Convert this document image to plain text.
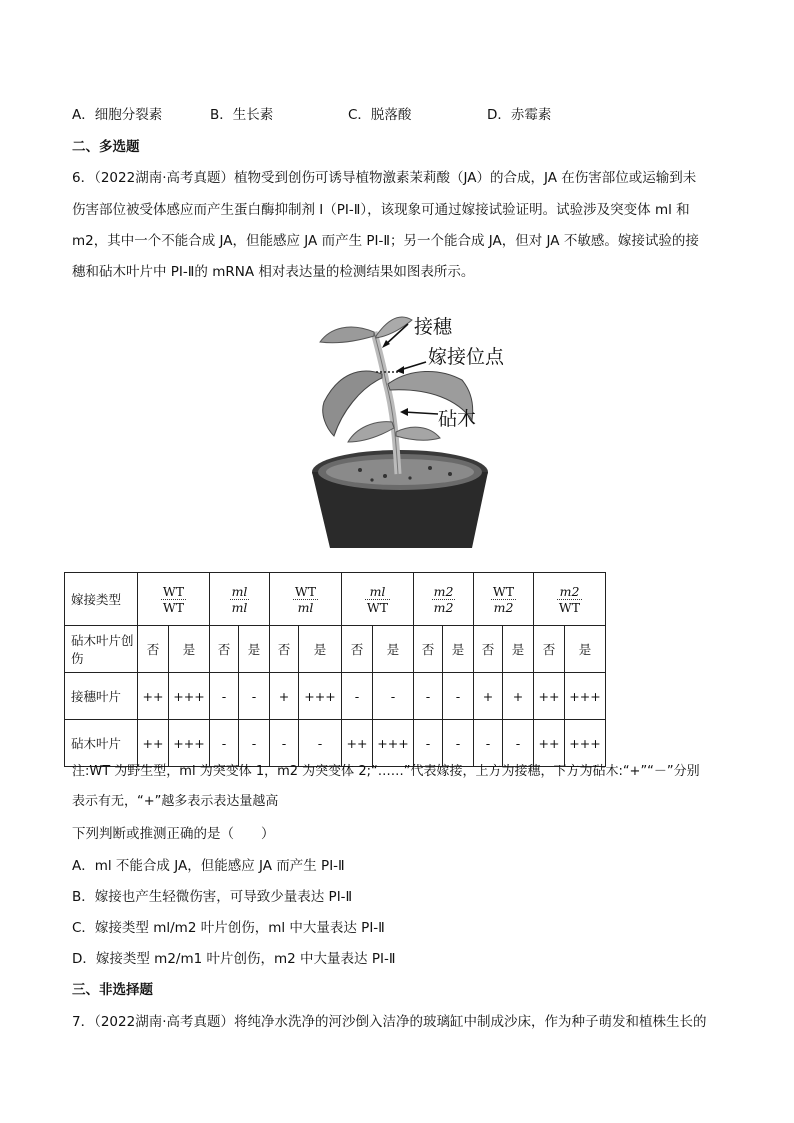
A．细胞分裂素	B．生长素	C．脱落酸	D．赤霉素
二、多选题
6．（2022湖南·高考真题）植物受到创伤可诱导植物激素茉莉酸（JA）的合成，JA 在伤害部位或运输到未
伤害部位被受体感应而产生蛋白酶抑制剂 I（PI-Ⅱ），该现象可通过嫁接试验证明。试验涉及突变体 ml 和
m2，其中一个不能合成 JA，但能感应 JA 而产生 PI-Ⅱ；另一个能合成 JA，但对 JA 不敏感。嫁接试验的接
穗和砧木叶片中 PI-Ⅱ的 mRNA 相对表达量的检测结果如图表所示。
接穗
嫁接位点
砧木
嫁接类型	$\frac{WT}{WT}$		$\frac{ml}{ml}$		$\frac{WT}{ml}$		$\frac{ml}{WT}$		$\frac{m2}{m2}$		$\frac{WT}{m2}$		$\frac{m2}{WT}$

砧木叶片创伤	否	是	否	是	否	是	否	是	否	是	否	是	否	是
接穗叶片	++	+++	-	-	+	+++	-	-	-	-	+	+	++	+++
砧木叶片	++	+++	-	-	-	-	++	+++	-	-	-	-	++	+++
注:WT 为野生型，ml 为突变体 1，m2 为突变体 2;“……”代表嫁接，上方为接穗，下方为砧木:“+”“－”分别
表示有无，“+”越多表示表达量越高
下列判断或推测正确的是（　　）
A．ml 不能合成 JA，但能感应 JA 而产生 PI-Ⅱ
B．嫁接也产生轻微伤害，可导致少量表达 PI-Ⅱ
C．嫁接类型 ml/m2 叶片创伤，ml 中大量表达 PI-Ⅱ
D．嫁接类型 m2/m1 叶片创伤，m2 中大量表达 PI-Ⅱ
三、非选择题
7．（2022湖南·高考真题）将纯净水洗净的河沙倒入洁净的玻璃缸中制成沙床，作为种子萌发和植株生长的
